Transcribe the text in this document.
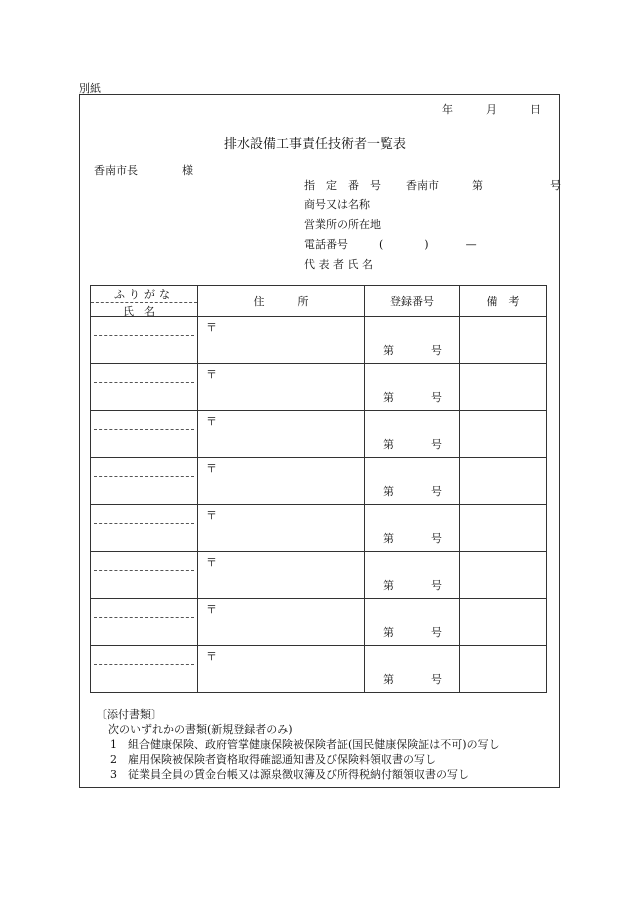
別紙
年	月	日
排水設備工事責任技術者一覧表
香南市長	様
指　定　番　号 香南市	第	号
商号又は名称
営業所の所在地
電話番号	(	)	—
代 表 者 氏 名
ふりがな
氏名	住　　　所	登録番号	備　考

	〒	第 号	

	〒	第 号	

	〒	第 号	

	〒	第 号	

	〒	第 号	

	〒	第 号	

	〒	第 号	

	〒	第 号	

〔添付書類〕
次のいずれかの書類(新規登録者のみ)
1 組合健康保険、政府管掌健康保険被保険者証(国民健康保険証は不可)の写し
2 雇用保険被保険者資格取得確認通知書及び保険料領収書の写し
3 従業員全員の賃金台帳又は源泉徴収簿及び所得税納付額領収書の写し
